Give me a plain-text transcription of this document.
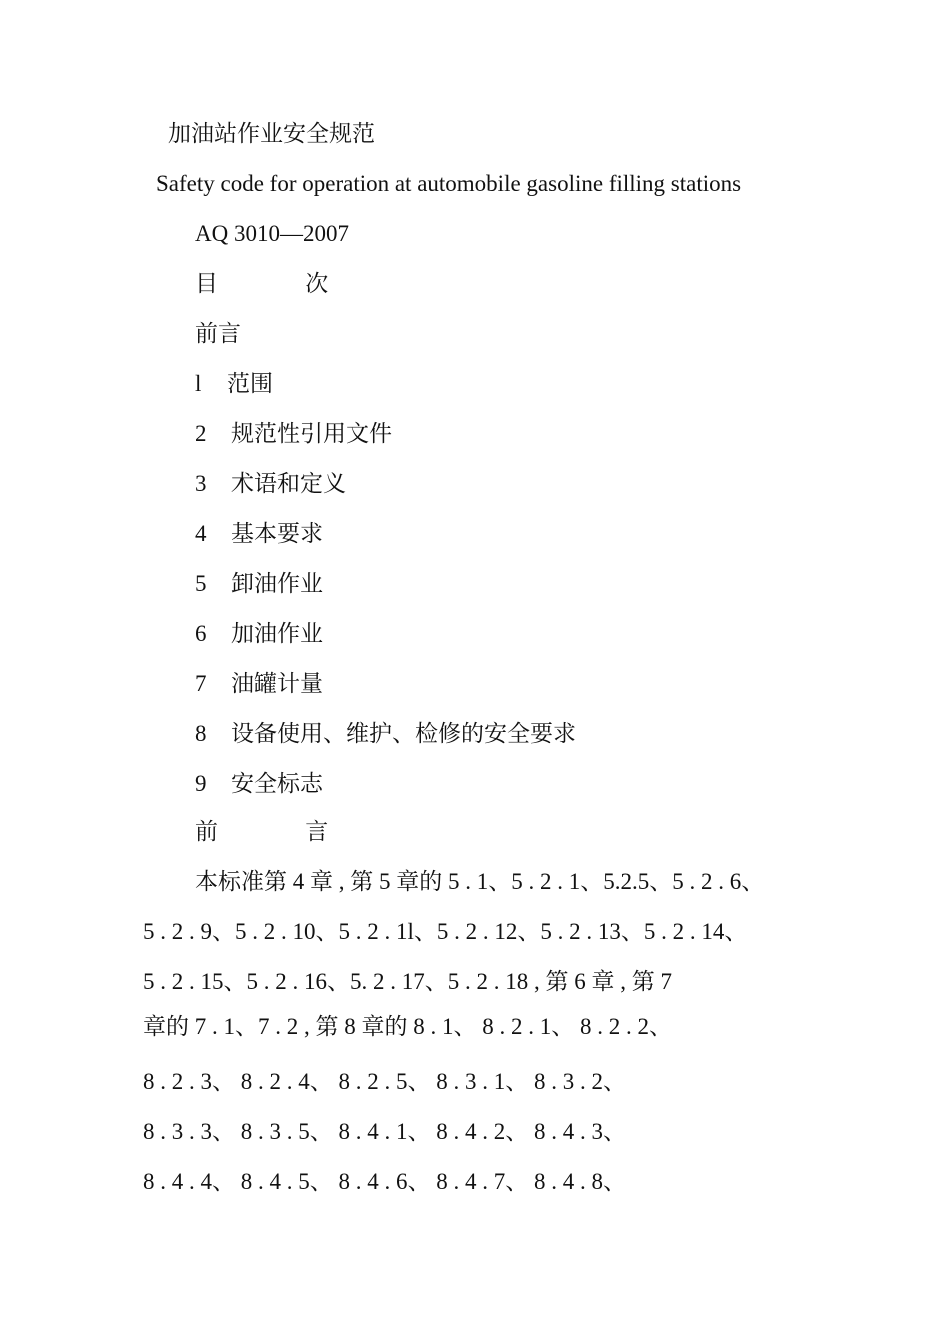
加油站作业安全规范
Safety code for operation at automobile gasoline filling stations
AQ 3010—2007
目 次
前言
l 范围
2 规范性引用文件
3 术语和定义
4 基本要求
5 卸油作业
6 加油作业
7 油罐计量
8 设备使用、维护、检修的安全要求
9 安全标志
前 言
本标准第 4 章 , 第 5 章的 5 . 1、5 . 2 . 1、5.2.5、5 . 2 . 6、
5 . 2 . 9、5 . 2 . 10、5 . 2 . 1l、5 . 2 . 12、5 . 2 . 13、5 . 2 . 14、
5 . 2 . 15、5 . 2 . 16、5. 2 . 17、5 . 2 . 18 , 第 6 章 , 第 7
章的 7 . 1、7 . 2 , 第 8 章的 8 . 1、 8 . 2 . 1、 8 . 2 . 2、
8 . 2 . 3、 8 . 2 . 4、 8 . 2 . 5、 8 . 3 . 1、 8 . 3 . 2、
8 . 3 . 3、 8 . 3 . 5、 8 . 4 . 1、 8 . 4 . 2、 8 . 4 . 3、
8 . 4 . 4、 8 . 4 . 5、 8 . 4 . 6、 8 . 4 . 7、 8 . 4 . 8、
